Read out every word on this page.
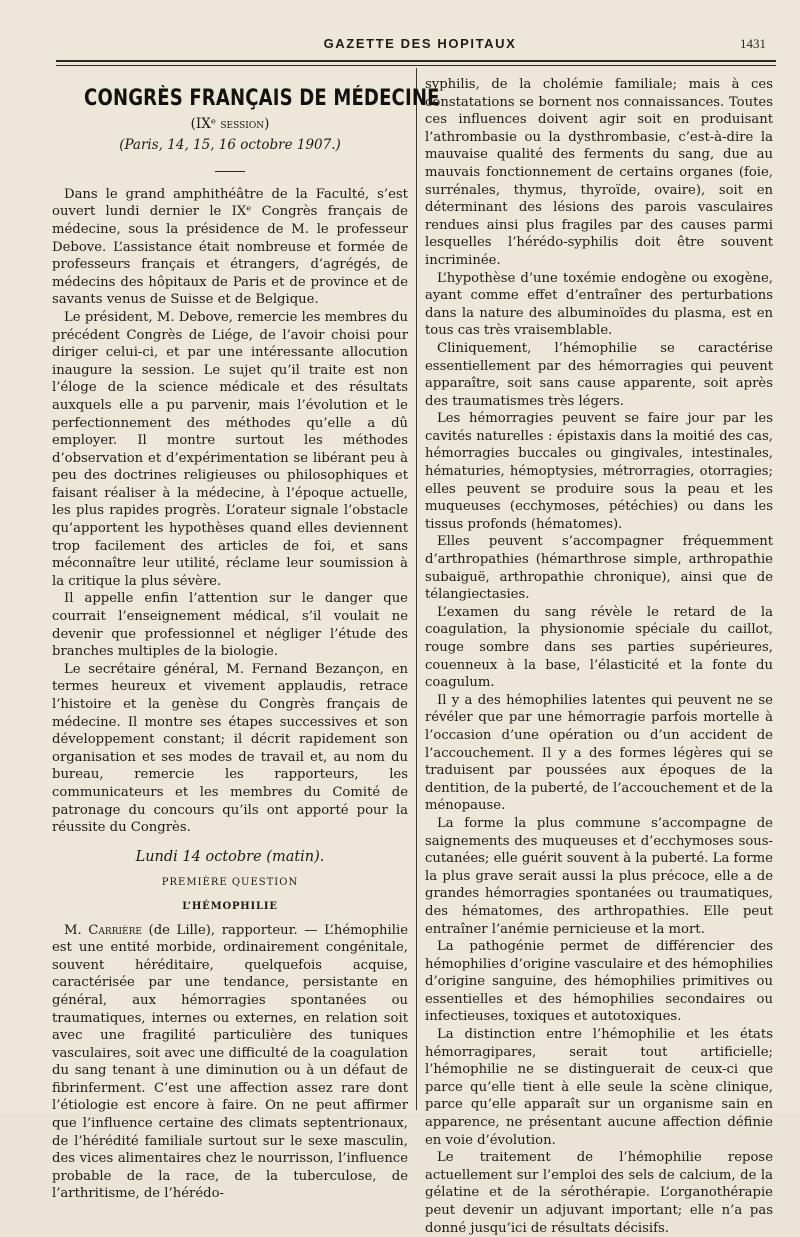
GAZETTE DES HOPITAUX	1431
CONGRÈS FRANÇAIS DE MÉDECINE
(IXᵉ session)
(Paris, 14, 15, 16 octobre 1907.)

Dans le grand amphithéâtre de la Faculté, s’est ouvert lundi dernier le IXᵉ Congrès français de médecine, sous la présidence de M. le professeur Debove. L’assistance était nombreuse et formée de professeurs français et étrangers, d’agrégés, de médecins des hôpitaux de Paris et de province et de savants venus de Suisse et de Belgique.

Le président, M. Debove, remercie les membres du précédent Congrès de Liége, de l’avoir choisi pour diriger celui-ci, et par une intéressante allocution inaugure la session. Le sujet qu’il traite est non l’éloge de la science médicale et des résultats auxquels elle a pu parvenir, mais l’évolution et le perfectionnement des méthodes qu’elle a dû employer. Il montre surtout les méthodes d’observation et d’expérimentation se libérant peu à peu des doctrines religieuses ou philosophiques et faisant réaliser à la médecine, à l’époque actuelle, les plus rapides progrès. L’orateur signale l’obstacle qu’apportent les hypothèses quand elles deviennent trop facilement des articles de foi, et sans méconnaître leur utilité, réclame leur soumission à la critique la plus sévère.

Il appelle enfin l’attention sur le danger que courrait l’enseignement médical, s’il voulait ne devenir que professionnel et négliger l’étude des branches multiples de la biologie.

Le secrétaire général, M. Fernand Bezançon, en termes heureux et vivement applaudis, retrace l’histoire et la genèse du Congrès français de médecine. Il montre ses étapes successives et son développement constant; il décrit rapidement son organisation et ses modes de travail et, au nom du bureau, remercie les rapporteurs, les communicateurs et les membres du Comité de patronage du concours qu’ils ont apporté pour la réussite du Congrès.

Lundi 14 octobre (matin).
PREMIÈRE QUESTION
L’HÉMOPHILIE

M. Carrière (de Lille), rapporteur. — L’hémophilie est une entité morbide, ordinairement congénitale, souvent héréditaire, quelquefois acquise, caractérisée par une tendance, persistante en général, aux hémorragies spontanées ou traumatiques, internes ou externes, en relation soit avec une fragilité particulière des tuniques vasculaires, soit avec une difficulté de la coagulation du sang tenant à une diminution ou à un défaut de fibrinferment. C’est une affection assez rare dont l’étiologie est encore à faire. On ne peut affirmer que l’influence certaine des climats septentrionaux, de l’hérédité familiale surtout sur le sexe masculin, des vices alimentaires chez le nourrisson, l’influence probable de la race, de la tuberculose, de l’arthritisme, de l’hérédo-

syphilis, de la cholémie familiale; mais à ces constatations se bornent nos connaissances. Toutes ces influences doivent agir soit en produisant l’athrombasie ou la dysthrombasie, c’est-à-dire la mauvaise qualité des ferments du sang, due au mauvais fonctionnement de certains organes (foie, surrénales, thymus, thyroïde, ovaire), soit en déterminant des lésions des parois vasculaires rendues ainsi plus fragiles par des causes parmi lesquelles l’hérédo-syphilis doit être souvent incriminée.

L’hypothèse d’une toxémie endogène ou exogène, ayant comme effet d’entraîner des perturbations dans la nature des albuminoïdes du plasma, est en tous cas très vraisemblable.

Cliniquement, l’hémophilie se caractérise essentiellement par des hémorragies qui peuvent apparaître, soit sans cause apparente, soit après des traumatismes très légers.

Les hémorragies peuvent se faire jour par les cavités naturelles : épistaxis dans la moitié des cas, hémorragies buccales ou gingivales, intestinales, hématuries, hémoptysies, métrorragies, otorragies; elles peuvent se produire sous la peau et les muqueuses (ecchymoses, pétéchies) ou dans les tissus profonds (hématomes).

Elles peuvent s’accompagner fréquemment d’arthropathies (hémarthrose simple, arthropathie subaiguë, arthropathie chronique), ainsi que de télangiectasies.

L’examen du sang révèle le retard de la coagulation, la physionomie spéciale du caillot, rouge sombre dans ses parties supérieures, couenneux à la base, l’élasticité et la fonte du coagulum.

Il y a des hémophilies latentes qui peuvent ne se révéler que par une hémorragie parfois mortelle à l’occasion d’une opération ou d’un accident de l’accouchement. Il y a des formes légères qui se traduisent par poussées aux époques de la dentition, de la puberté, de l’accouchement et de la ménopause.

La forme la plus commune s’accompagne de saignements des muqueuses et d’ecchymoses sous-cutanées; elle guérit souvent à la puberté. La forme la plus grave serait aussi la plus précoce, elle a de grandes hémorragies spontanées ou traumatiques, des hématomes, des arthropathies. Elle peut entraîner l’anémie pernicieuse et la mort.

La pathogénie permet de différencier des hémophilies d’origine vasculaire et des hémophilies d’origine sanguine, des hémophilies primitives ou essentielles et des hémophilies secondaires ou infectieuses, toxiques et autotoxiques.

La distinction entre l’hémophilie et les états hémorragipares, serait tout artificielle; l’hémophilie ne se distinguerait de ceux-ci que parce qu’elle tient à elle seule la scène clinique, parce qu’elle apparaît sur un organisme sain en apparence, ne présentant aucune affection définie en voie d’évolution.

Le traitement de l’hémophilie repose actuellement sur l’emploi des sels de calcium, de la gélatine et de la sérothérapie. L’organothérapie peut devenir un adjuvant important; elle n’a pas donné jusqu’ici de résultats décisifs.
